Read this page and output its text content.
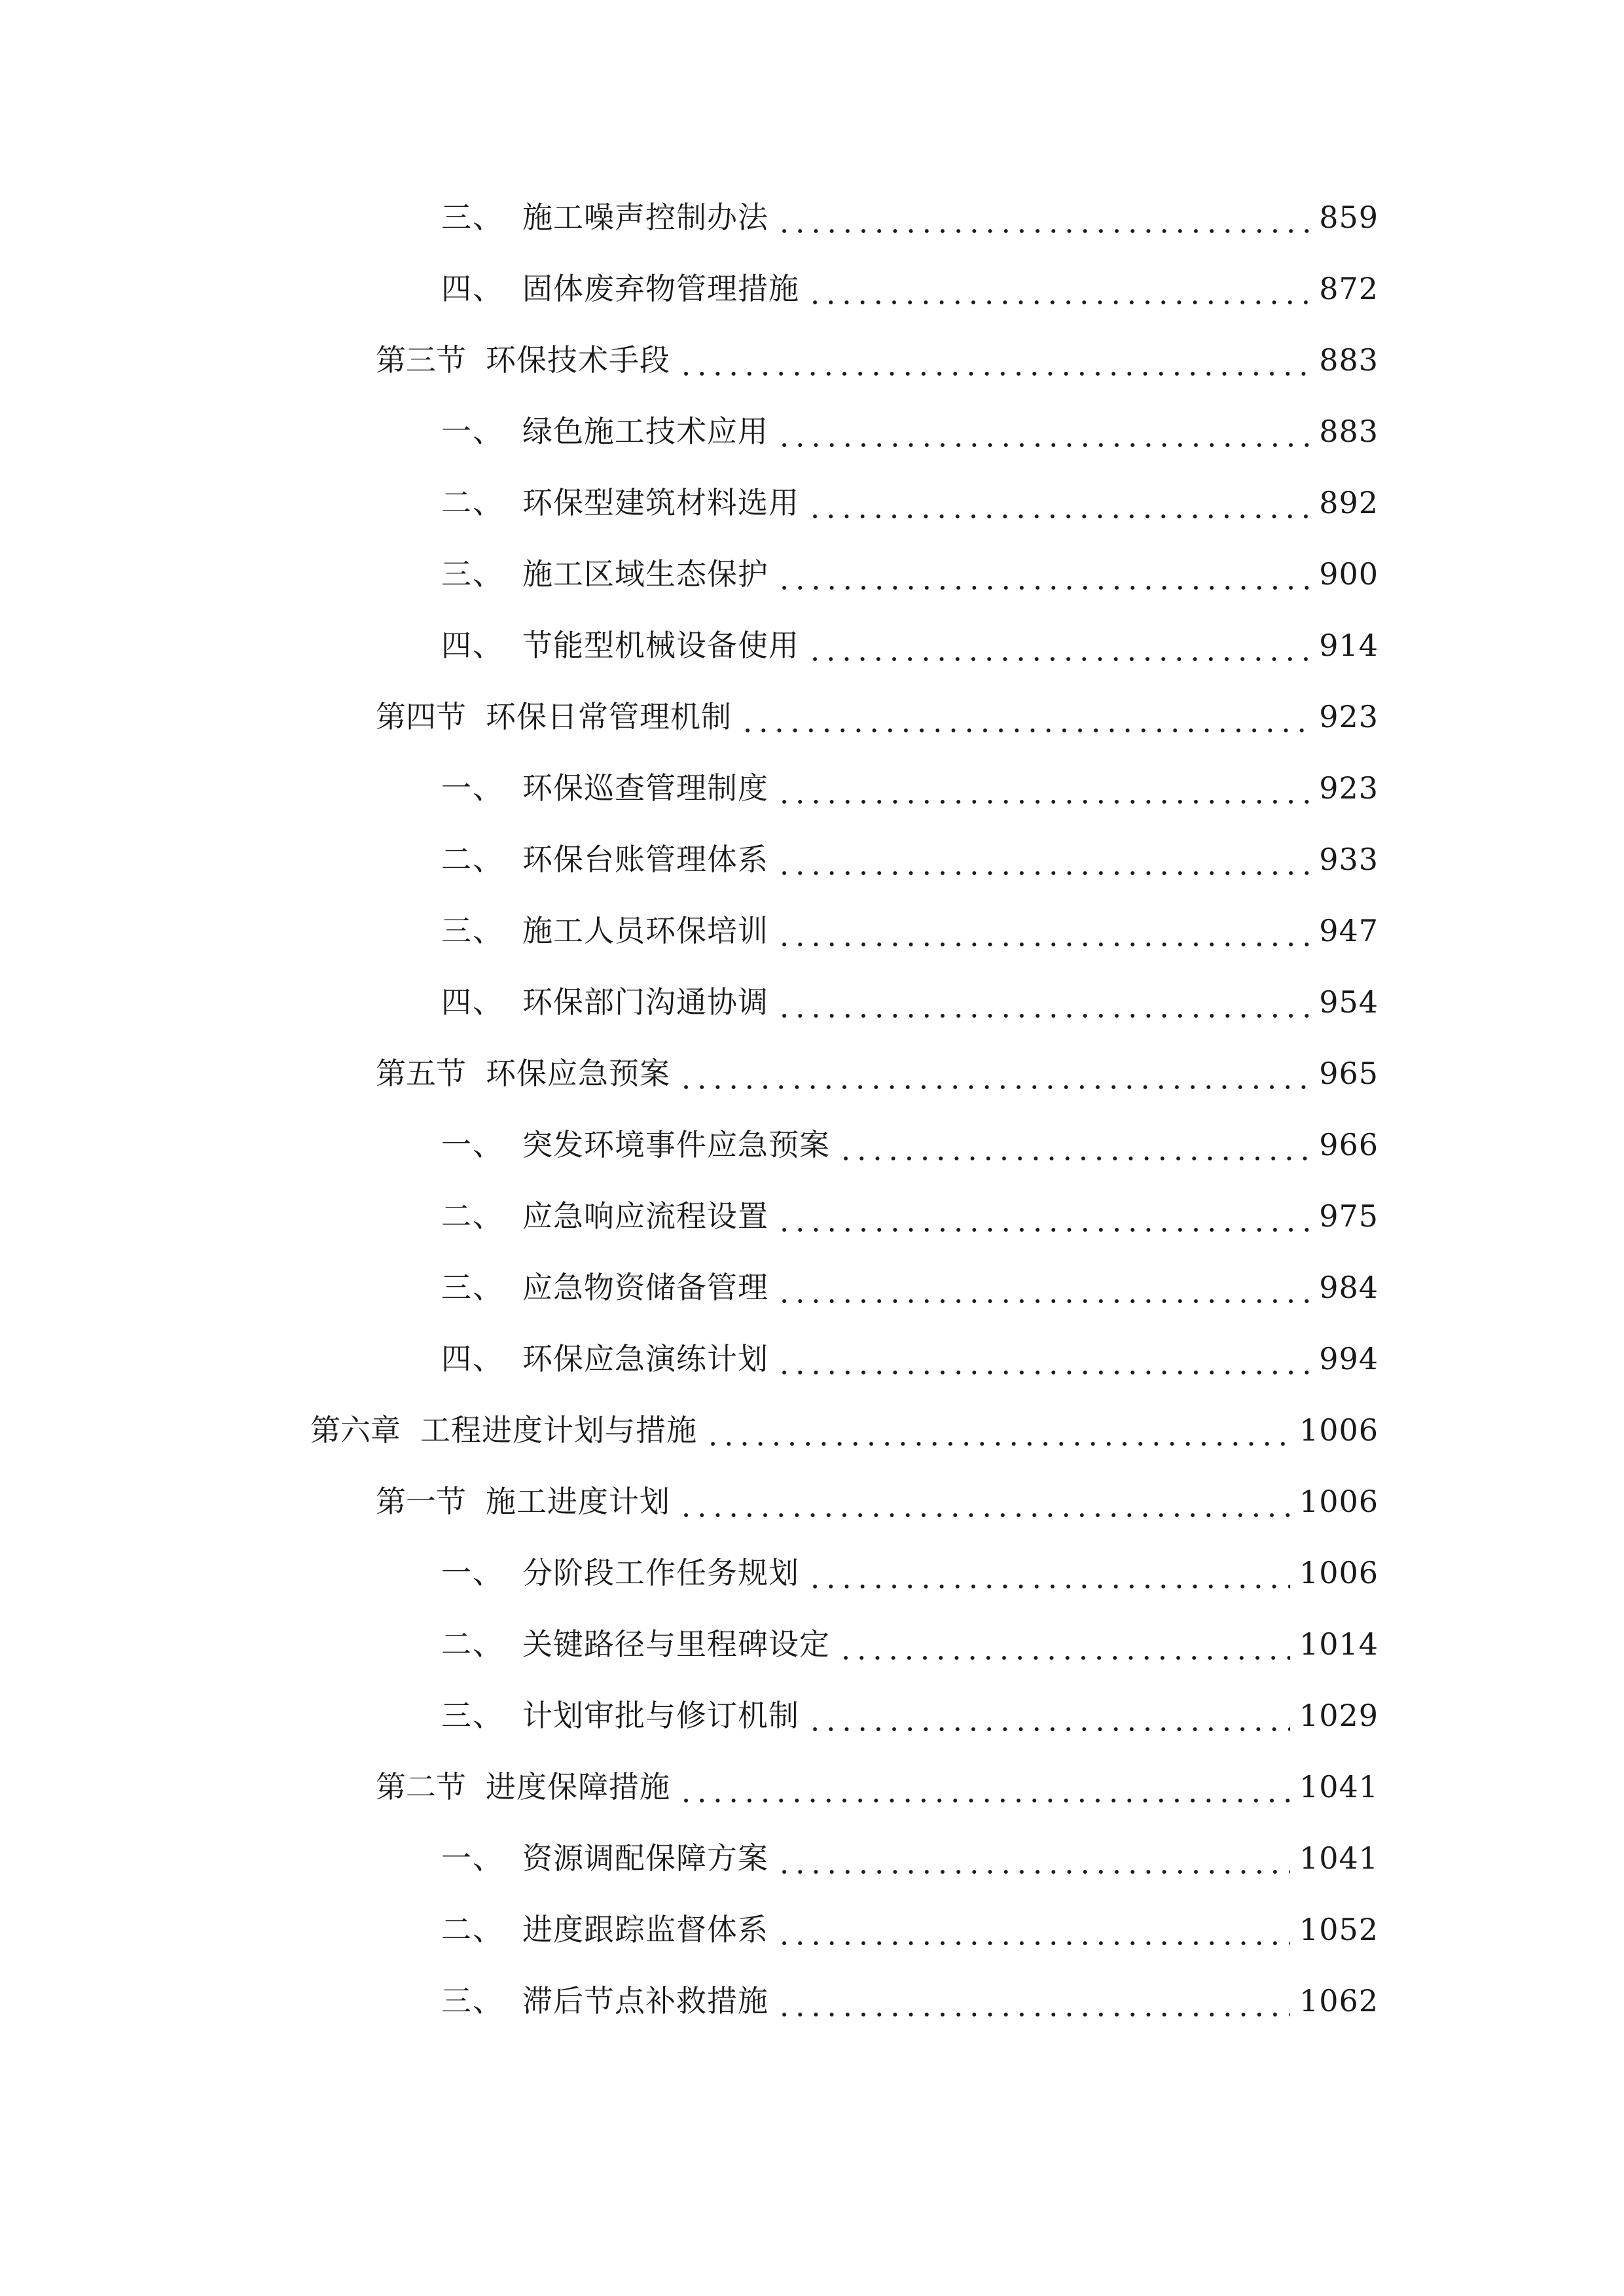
三、 施工噪声控制办法	859
四、 固体废弃物管理措施	872
第三节 环保技术手段	883
一、 绿色施工技术应用	883
二、 环保型建筑材料选用	892
三、 施工区域生态保护	900
四、 节能型机械设备使用	914
第四节 环保日常管理机制	923
一、 环保巡查管理制度	923
二、 环保台账管理体系	933
三、 施工人员环保培训	947
四、 环保部门沟通协调	954
第五节 环保应急预案	965
一、 突发环境事件应急预案	966
二、 应急响应流程设置	975
三、 应急物资储备管理	984
四、 环保应急演练计划	994
第六章 工程进度计划与措施	1006
第一节 施工进度计划	1006
一、 分阶段工作任务规划	1006
二、 关键路径与里程碑设定	1014
三、 计划审批与修订机制	1029
第二节 进度保障措施	1041
一、 资源调配保障方案	1041
二、 进度跟踪监督体系	1052
三、 滞后节点补救措施	1062
